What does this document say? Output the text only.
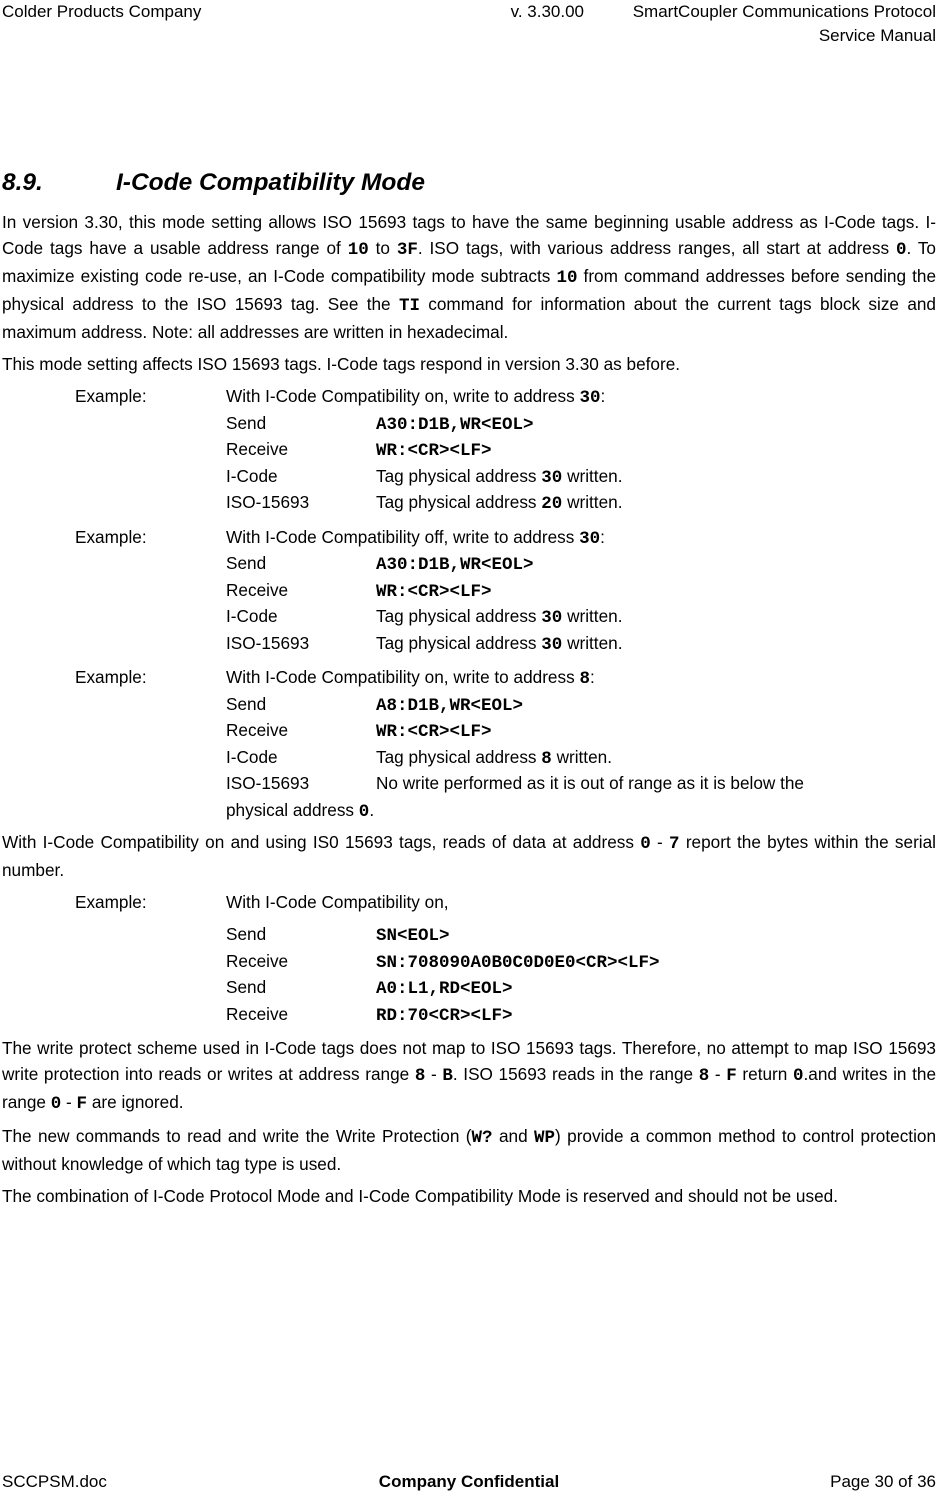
Colder Products Company	v. 3.30.00	SmartCoupler Communications Protocol
Service Manual
8.9.	I-Code Compatibility Mode

In version 3.30, this mode setting allows ISO 15693 tags to have the same beginning usable address as I-Code tags. I-Code tags have a usable address range of 10 to 3F. ISO tags, with various address ranges, all start at address 0. To maximize existing code re-use, an I-Code compatibility mode subtracts 10 from command addresses before sending the physical address to the ISO 15693 tag. See the TI command for information about the current tags block size and maximum address. Note: all addresses are written in hexadecimal.

This mode setting affects ISO 15693 tags. I-Code tags respond in version 3.30 as before.

Example:	With I-Code Compatibility on, write to address 30:
Send	A30:D1B,WR<EOL>
Receive	WR:<CR><LF>
I-Code	Tag physical address 30 written.
ISO-15693	Tag physical address 20 written.
Example:	With I-Code Compatibility off, write to address 30:
Send	A30:D1B,WR<EOL>
Receive	WR:<CR><LF>
I-Code	Tag physical address 30 written.
ISO-15693	Tag physical address 30 written.
Example:	With I-Code Compatibility on, write to address 8:
Send	A8:D1B,WR<EOL>
Receive	WR:<CR><LF>
I-Code	Tag physical address 8 written.
ISO-15693	No write performed as it is out of range as it is below the
physical address 0.

With I-Code Compatibility on and using IS0 15693 tags, reads of data at address 0 - 7 report the bytes within the serial number.

Example:	With I-Code Compatibility on,
Send	SN<EOL>
Receive	SN:708090A0B0C0D0E0<CR><LF>
Send	A0:L1,RD<EOL>
Receive	RD:70<CR><LF>

The write protect scheme used in I-Code tags does not map to ISO 15693 tags. Therefore, no attempt to map ISO 15693 write protection into reads or writes at address range 8 - B. ISO 15693 reads in the range 8 - F return 0.and writes in the range 0 - F are ignored.

The new commands to read and write the Write Protection (W? and WP) provide a common method to control protection without knowledge of which tag type is used.

The combination of I-Code Protocol Mode and I-Code Compatibility Mode is reserved and should not be used.

SCCPSM.doc	Company Confidential	Page 30 of 36
